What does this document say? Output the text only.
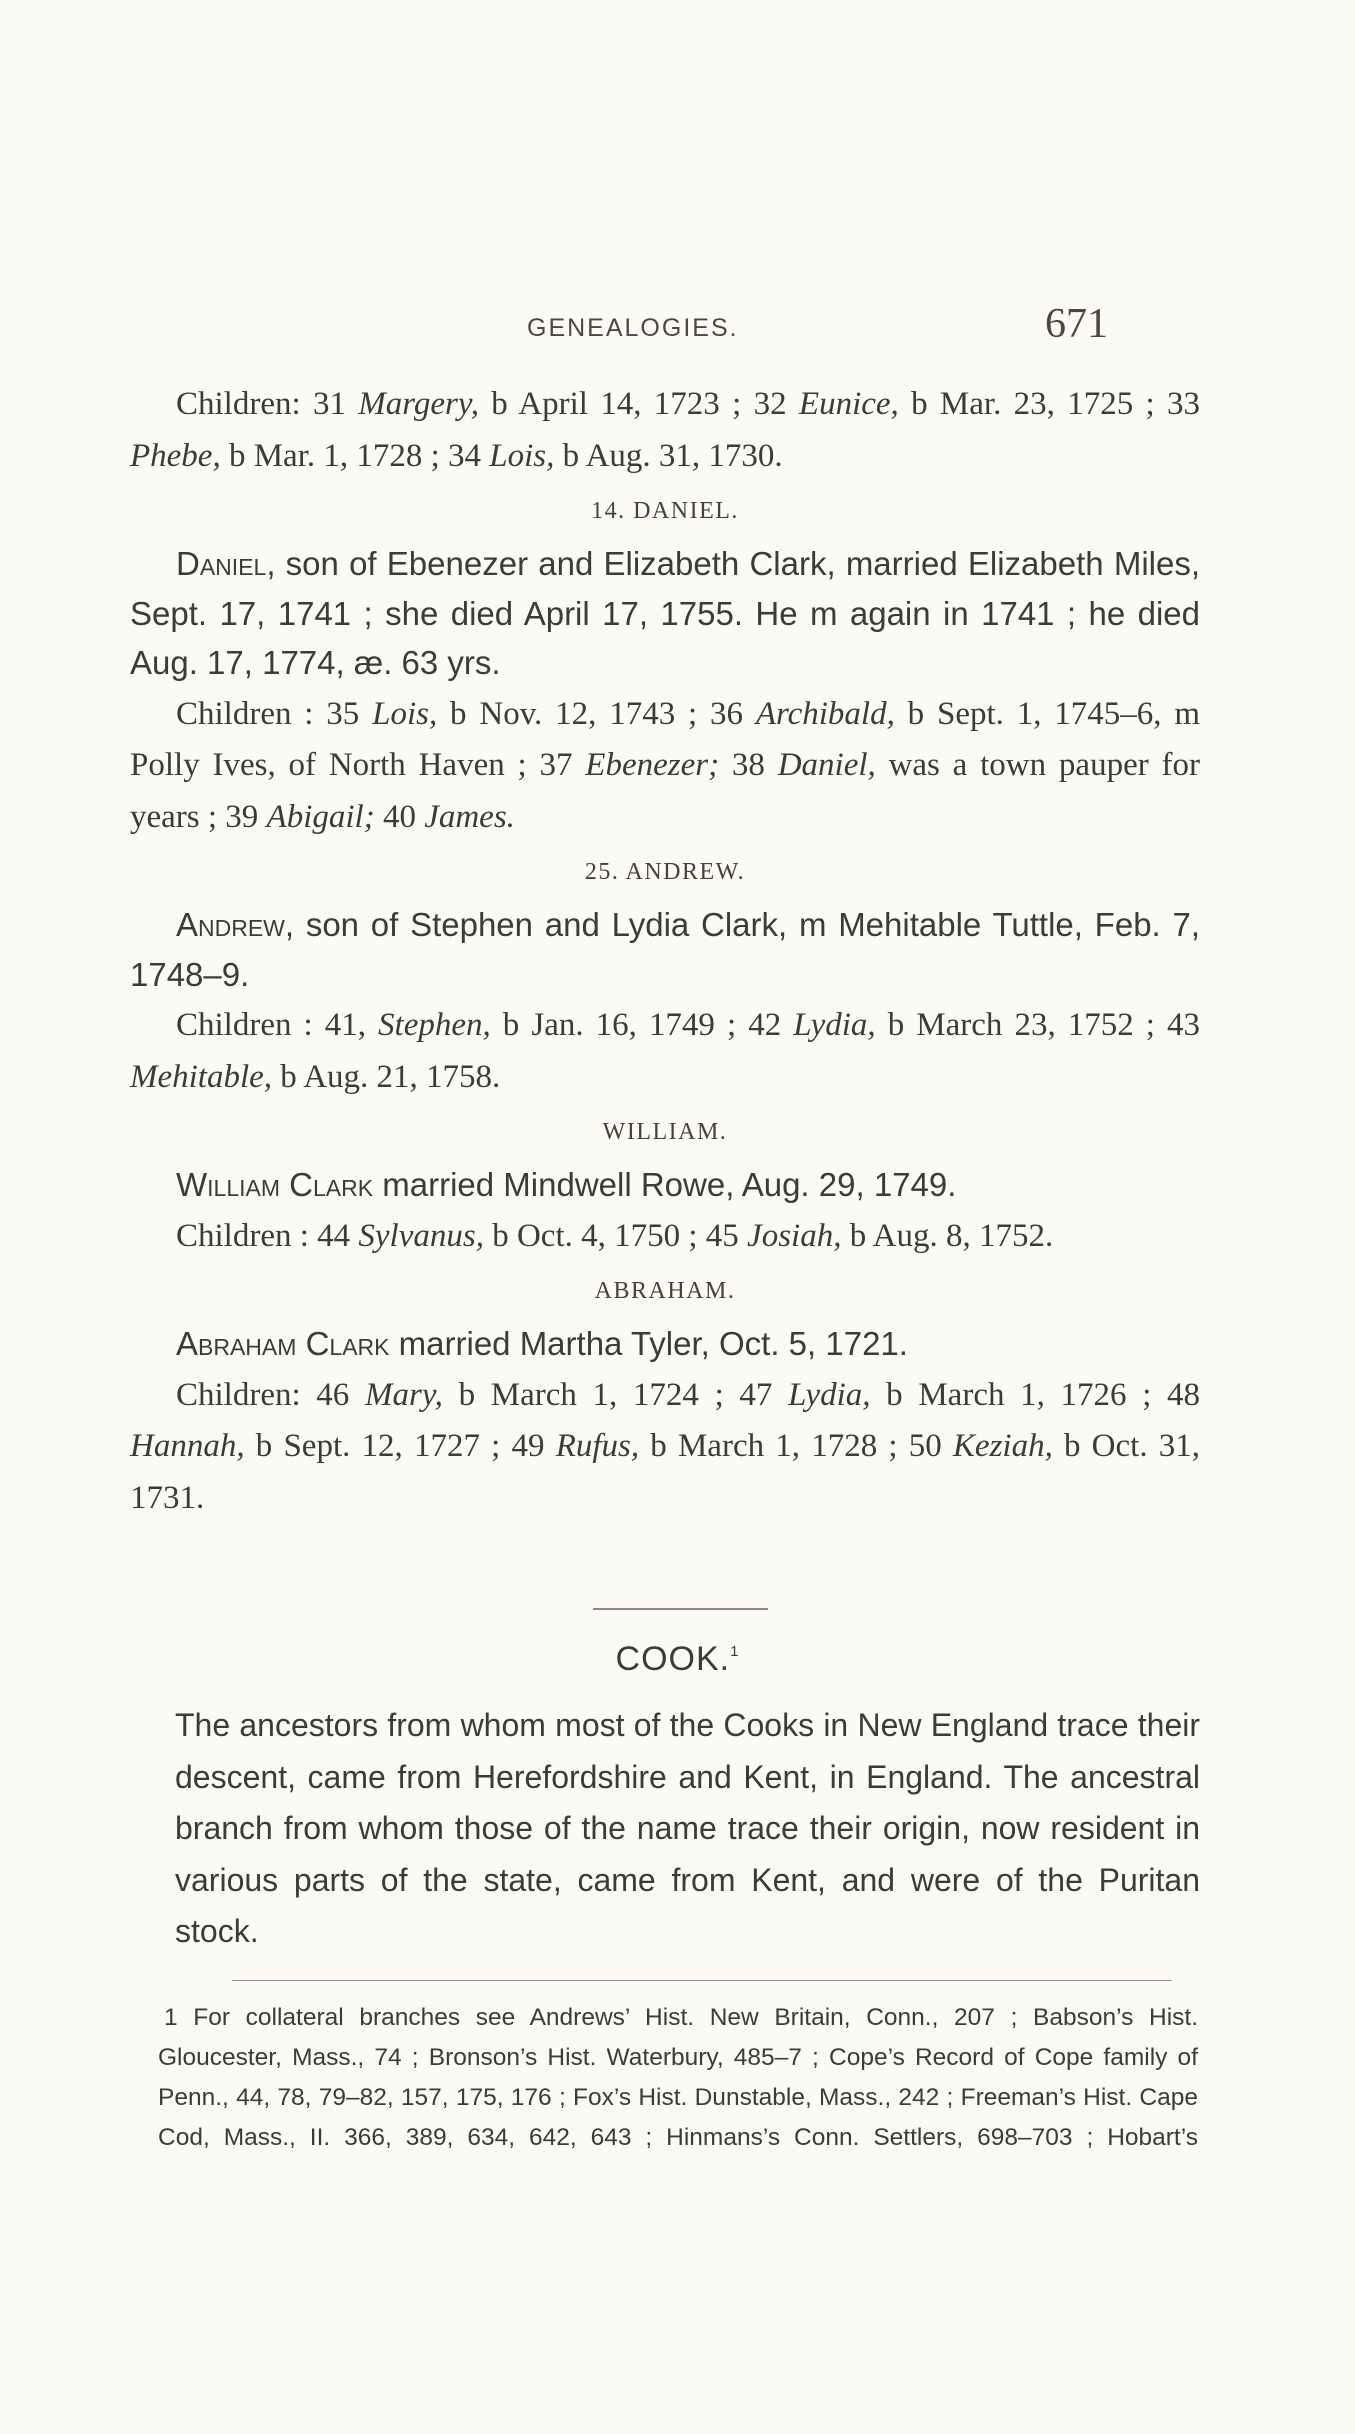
GENEALOGIES.	671

Children: 31 Margery, b April 14, 1723 ; 32 Eunice, b Mar. 23, 1725 ; 33 Phebe, b Mar. 1, 1728 ; 34 Lois, b Aug. 31, 1730.

14. DANIEL.

Daniel, son of Ebenezer and Elizabeth Clark, married Elizabeth Miles, Sept. 17, 1741 ; she died April 17, 1755. He m again in 1741 ; he died Aug. 17, 1774, æ. 63 yrs.

Children : 35 Lois, b Nov. 12, 1743 ; 36 Archibald, b Sept. 1, 1745–6, m Polly Ives, of North Haven ; 37 Ebenezer; 38 Daniel, was a town pauper for years ; 39 Abigail; 40 James.

25. ANDREW.

Andrew, son of Stephen and Lydia Clark, m Mehitable Tuttle, Feb. 7, 1748–9.

Children : 41, Stephen, b Jan. 16, 1749 ; 42 Lydia, b March 23, 1752 ; 43 Mehitable, b Aug. 21, 1758.

WILLIAM.

William Clark married Mindwell Rowe, Aug. 29, 1749.

Children : 44 Sylvanus, b Oct. 4, 1750 ; 45 Josiah, b Aug. 8, 1752.

ABRAHAM.

Abraham Clark married Martha Tyler, Oct. 5, 1721.

Children: 46 Mary, b March 1, 1724 ; 47 Lydia, b March 1, 1726 ; 48 Hannah, b Sept. 12, 1727 ; 49 Rufus, b March 1, 1728 ; 50 Keziah, b Oct. 31, 1731.

COOK.$^1$

The ancestors from whom most of the Cooks in New England trace their descent, came from Herefordshire and Kent, in England. The ancestral branch from whom those of the name trace their origin, now resident in various parts of the state, came from Kent, and were of the Puritan stock.

1 For collateral branches see Andrews’ Hist. New Britain, Conn., 207 ; Babson’s Hist. Gloucester, Mass., 74 ; Bronson’s Hist. Waterbury, 485–7 ; Cope’s Record of Cope family of Penn., 44, 78, 79–82, 157, 175, 176 ; Fox’s Hist. Dunstable, Mass., 242 ; Freeman’s Hist. Cape Cod, Mass., II. 366, 389, 634, 642, 643 ; Hinmans’s Conn. Settlers, 698–703 ; Hobart’s
